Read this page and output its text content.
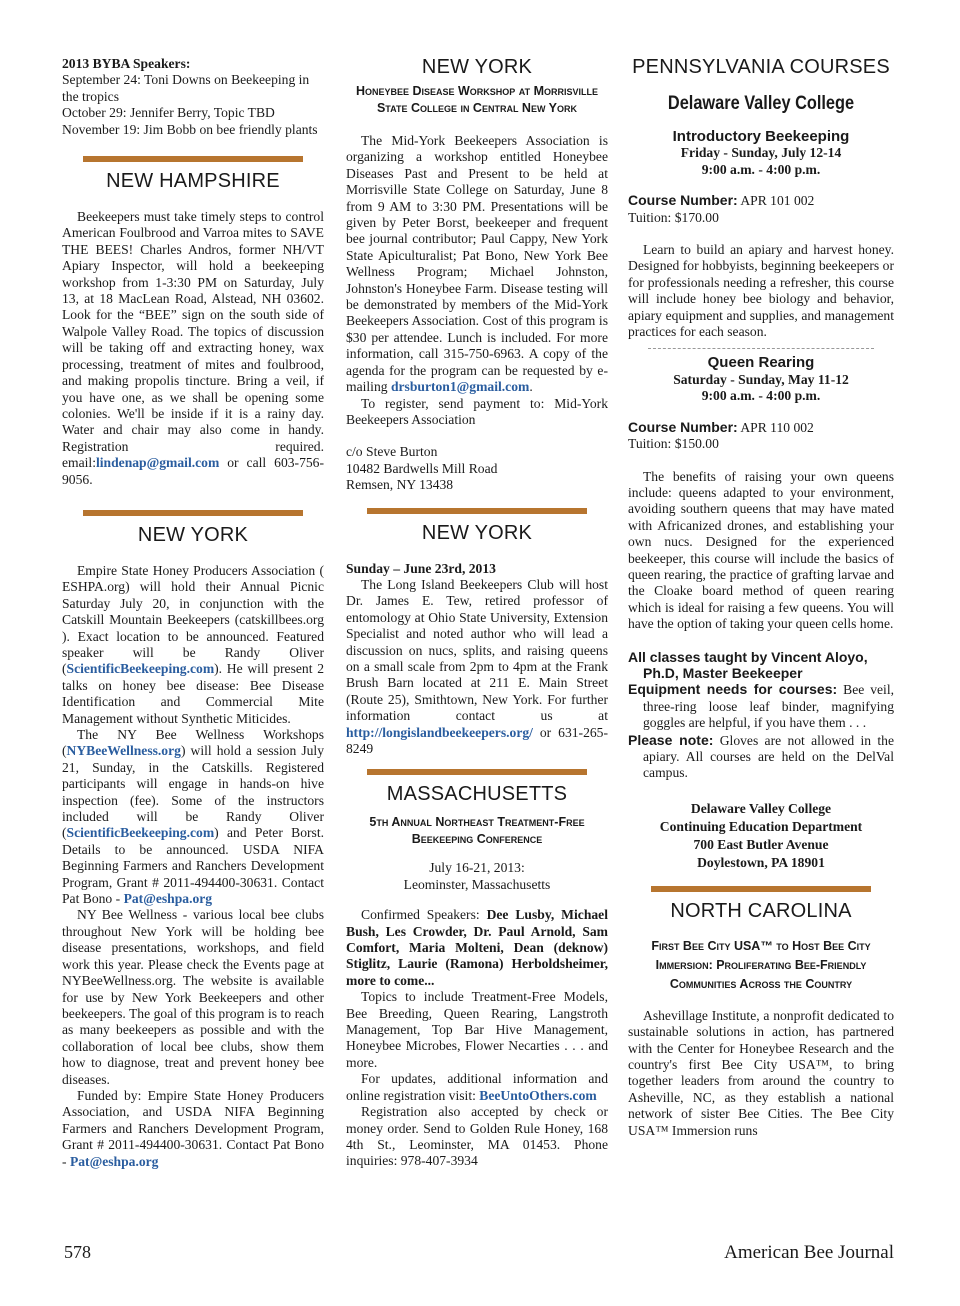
2013 BYBA Speakers:

September 24: Toni Downs on Beekeeping in the tropics

October 29: Jennifer Berry, Topic TBD

November 19: Jim Bobb on bee friendly plants

NEW HAMPSHIRE

Beekeepers must take timely steps to control American Foulbrood and Varroa mites to SAVE THE BEES! Charles Andros, former NH/VT Apiary Inspector, will hold a beekeeping workshop from 1-3:30 PM on Saturday, July 13, at 18 MacLean Road, Alstead, NH 03602. Look for the “BEE” sign on the south side of Walpole Valley Road. The topics of discussion will be taking off and extracting honey, wax processing, treatment of mites and foulbrood, and making propolis tincture. Bring a veil, if you have one, as we shall be opening some colonies. We'll be inside if it is a rainy day. Water and chair may also come in handy. Registration required. email:lindenap@gmail.com or call 603-756-9056.

NEW YORK

Empire State Honey Producers Association ( ESHPA.org) will hold their Annual Picnic Saturday July 20, in conjunction with the Catskill Mountain Beekeepers (catskillbees.org ). Exact location to be announced. Featured speaker will be Randy Oliver (ScientificBeekeeping.com). He will present 2 talks on honey bee disease: Bee Disease Identification and Commercial Mite Management without Synthetic Miticides.

The NY Bee Wellness Workshops (NYBeeWellness.org) will hold a session July 21, Sunday, in the Catskills. Registered participants will engage in hands-on hive inspection (fee). Some of the instructors included will be Randy Oliver (ScientificBeekeeping.com) and Peter Borst. Details to be announced. USDA NIFA Beginning Farmers and Ranchers Development Program, Grant # 2011-494400-30631. Contact Pat Bono - Pat@eshpa.org

NY Bee Wellness - various local bee clubs throughout New York will be holding bee disease presentations, workshops, and field work this year. Please check the Events page at NYBeeWellness.org. The website is available for use by New York Beekeepers and other beekeepers. The goal of this program is to reach as many beekeepers as possible and with the collaboration of local bee clubs, show them how to diagnose, treat and prevent honey bee diseases.

Funded by: Empire State Honey Producers Association, and USDA NIFA Beginning Farmers and Ranchers Development Program, Grant # 2011-494400-30631. Contact Pat Bono - Pat@eshpa.org

NEW YORK
Honeybee Disease Workshop at Morrisville State College in Central New York

The Mid-York Beekeepers Association is organizing a workshop entitled Honeybee Diseases Past and Present to be held at Morrisville State College on Saturday, June 8 from 9 AM to 3:30 PM. Presentations will be given by Peter Borst, beekeeper and frequent bee journal contributor; Paul Cappy, New York State Apiculturalist; Pat Bono, New York Bee Wellness Program; Michael Johnston, Johnston's Honeybee Farm. Disease testing will be demonstrated by members of the Mid-York Beekeepers Association. Cost of this program is $30 per attendee. Lunch is included. For more information, call 315-750-6963. A copy of the agenda for the program can be requested by e-mailing drsburton1@gmail.com.

To register, send payment to: Mid-York Beekeepers Association

c/o Steve Burton

10482 Bardwells Mill Road

Remsen, NY 13438

NEW YORK

Sunday – June 23rd, 2013

The Long Island Beekeepers Club will host Dr. James E. Tew, retired professor of entomology at Ohio State University, Extension Specialist and noted author who will lead a discussion on nucs, splits, and raising queens on a small scale from 2pm to 4pm at the Frank Brush Barn located at 211 E. Main Street (Route 25), Smithtown, New York. For further information contact us at http://longislandbeekeepers.org/ or 631-265-8249

MASSACHUSETTS
5th Annual Northeast Treatment-Free Beekeeping Conference

July 16-21, 2013:

Leominster, Massachusetts

Confirmed Speakers: Dee Lusby, Michael Bush, Les Crowder, Dr. Paul Arnold, Sam Comfort, Maria Molteni, Dean (deknow) Stiglitz, Laurie (Ramona) Herboldsheimer, more to come...

Topics to include Treatment-Free Models, Bee Breeding, Queen Rearing, Langstroth Management, Top Bar Hive Management, Honeybee Microbes, Flower Necarties . . . and more.

For updates, additional information and online registration visit: BeeUntoOthers.com

Registration also accepted by check or money order. Send to Golden Rule Honey, 168 4th St., Leominster, MA 01453. Phone inquiries: 978-407-3934

PENNSYLVANIA COURSES
Delaware Valley College

Introductory Beekeeping

Friday - Sunday, July 12-14

9:00 a.m. - 4:00 p.m.

Course Number: APR 101 002

Tuition: $170.00

Learn to build an apiary and harvest honey. Designed for hobbyists, beginning beekeepers or for professionals needing a refresher, this course will include honey bee biology and behavior, apiary equipment and supplies, and management practices for each season.

Queen Rearing

Saturday - Sunday, May 11-12

9:00 a.m. - 4:00 p.m.

Course Number: APR 110 002

Tuition: $150.00

The benefits of raising your own queens include: queens adapted to your environment, avoiding southern queens that may have mated with Africanized drones, and establishing your own nucs. Designed for the experienced beekeeper, this course will include the basics of queen rearing, the practice of grafting larvae and the Cloake board method of queen rearing which is ideal for raising a few queens. You will have the option of taking your queen cells home.

All classes taught by Vincent Aloyo, Ph.D, Master Beekeeper

Equipment needs for courses: Bee veil, three-ring loose leaf binder, magnifying goggles are helpful, if you have them . . .

Please note: Gloves are not allowed in the apiary. All courses are held on the DelVal campus.

Delaware Valley College

Continuing Education Department

700 East Butler Avenue

Doylestown, PA 18901

NORTH CAROLINA
First Bee City USA™ to Host Bee City Immersion: Proliferating Bee-Friendly Communities Across the Country

Ashevillage Institute, a nonprofit dedicated to sustainable solutions in action, has partnered with the Center for Honeybee Research and the country's first Bee City USA™, to bring together leaders from around the country to Asheville, NC, as they establish a national network of sister Bee Cities. The Bee City USA™ Immersion runs

578	American Bee Journal
